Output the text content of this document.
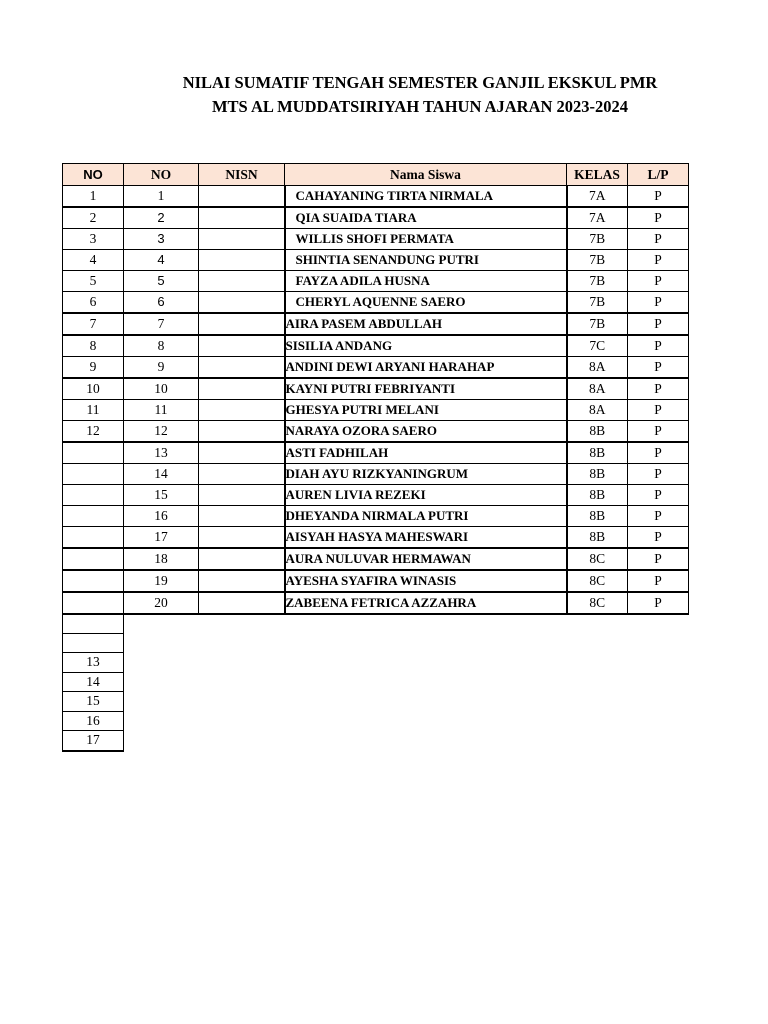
NILAI SUMATIF TENGAH SEMESTER GANJIL EKSKUL PMR
MTS AL MUDDATSIRIYAH TAHUN AJARAN 2023-2024
NO	NO	NISN	Nama Siswa	KELAS	L/P
1	1		CAHAYANING TIRTA NIRMALA	7A	P
2	2		QIA SUAIDA TIARA	7A	P
3	3		WILLIS SHOFI PERMATA	7B	P
4	4		SHINTIA SENANDUNG PUTRI	7B	P
5	5		FAYZA ADILA HUSNA	7B	P
6	6		CHERYL AQUENNE SAERO	7B	P
7	7		AIRA PASEM ABDULLAH	7B	P
8	8		SISILIA ANDANG	7C	P
9	9		ANDINI DEWI ARYANI HARAHAP	8A	P
10	10		KAYNI PUTRI FEBRIYANTI	8A	P
11	11		GHESYA PUTRI MELANI	8A	P
12	12		NARAYA OZORA SAERO	8B	P
	13		ASTI FADHILAH	8B	P
	14		DIAH AYU RIZKYANINGRUM	8B	P
	15		AUREN LIVIA REZEKI	8B	P
	16		DHEYANDA NIRMALA PUTRI	8B	P
	17		AISYAH HASYA MAHESWARI	8B	P
	18		AURA NULUVAR HERMAWAN	8C	P
	19		AYESHA SYAFIRA WINASIS	8C	P
	20		ZABEENA FETRICA AZZAHRA	8C	P

13
14
15
16
17
